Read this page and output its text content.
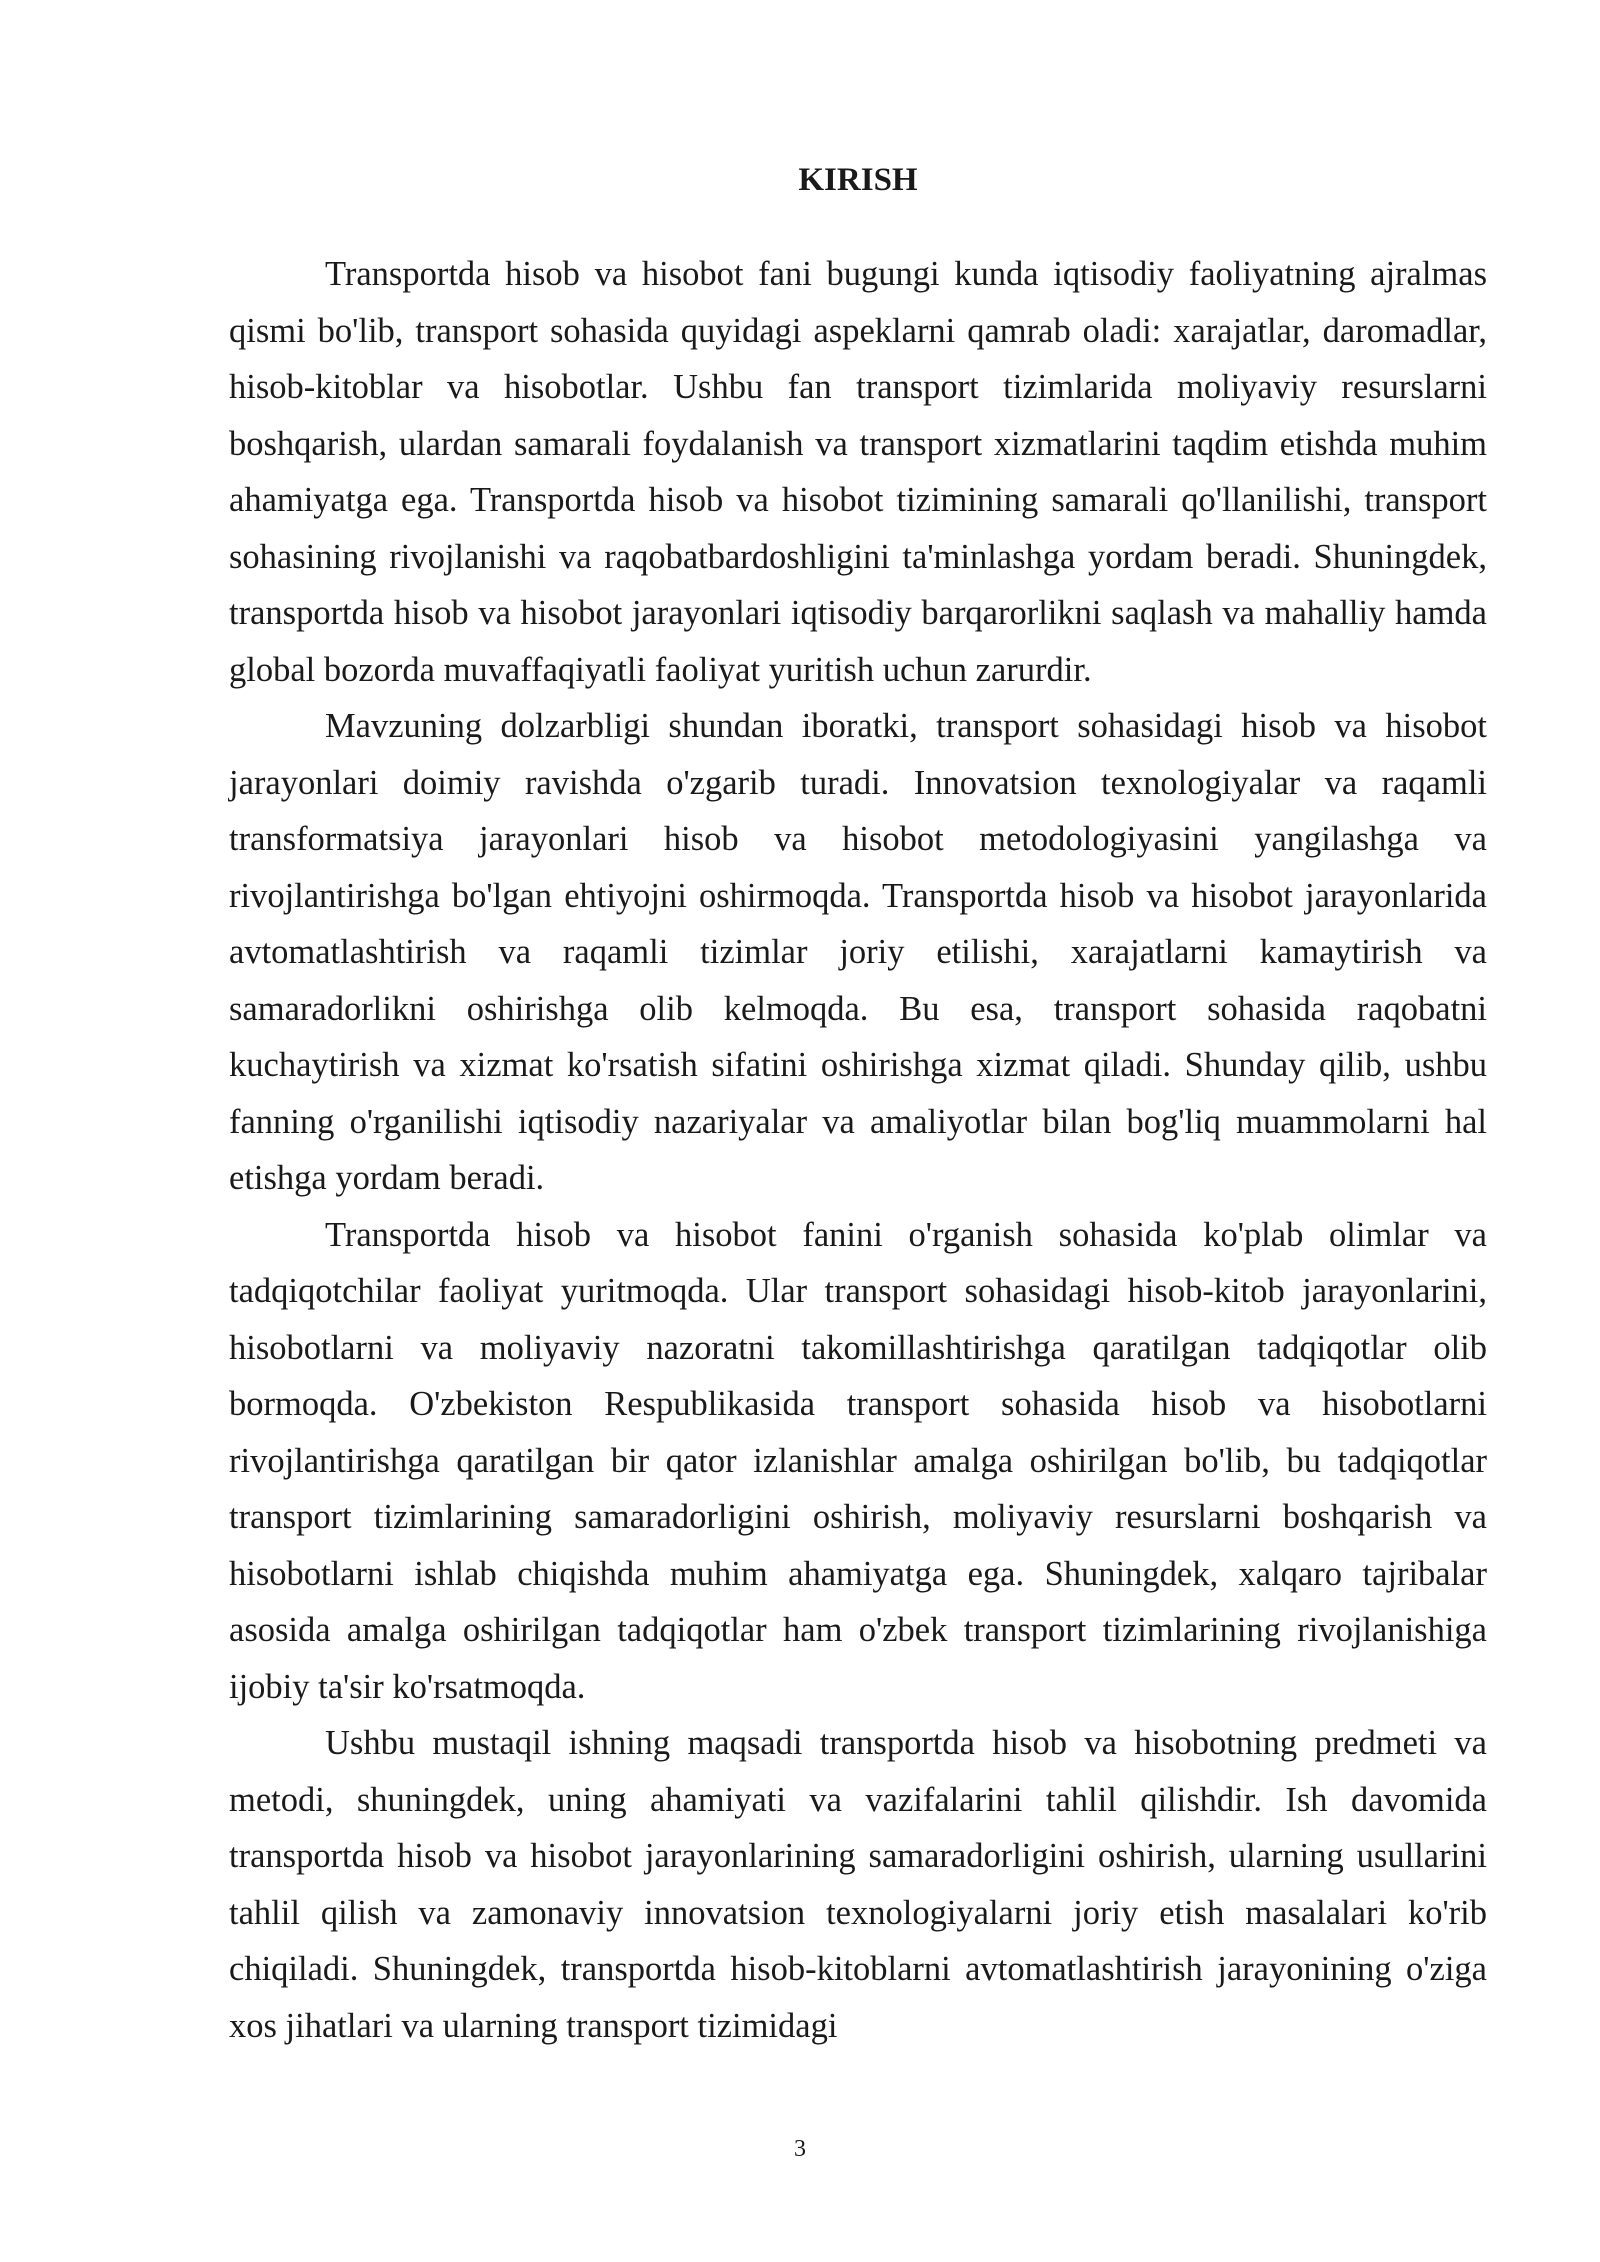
KIRISH

Transportda hisob va hisobot fani bugungi kunda iqtisodiy faoliyatning ajralmas qismi bo'lib, transport sohasida quyidagi aspeklarni qamrab oladi: xarajatlar, daromadlar, hisob-kitoblar va hisobotlar. Ushbu fan transport tizimlarida moliyaviy resurslarni boshqarish, ulardan samarali foydalanish va transport xizmatlarini taqdim etishda muhim ahamiyatga ega. Transportda hisob va hisobot tizimining samarali qo'llanilishi, transport sohasining rivojlanishi va raqobatbardoshligini ta'minlashga yordam beradi. Shuningdek, transportda hisob va hisobot jarayonlari iqtisodiy barqarorlikni saqlash va mahalliy hamda global bozorda muvaffaqiyatli faoliyat yuritish uchun zarurdir.

Mavzuning dolzarbligi shundan iboratki, transport sohasidagi hisob va hisobot jarayonlari doimiy ravishda o'zgarib turadi. Innovatsion texnologiyalar va raqamli transformatsiya jarayonlari hisob va hisobot metodologiyasini yangilashga va rivojlantirishga bo'lgan ehtiyojni oshirmoqda. Transportda hisob va hisobot jarayonlarida avtomatlashtirish va raqamli tizimlar joriy etilishi, xarajatlarni kamaytirish va samaradorlikni oshirishga olib kelmoqda. Bu esa, transport sohasida raqobatni kuchaytirish va xizmat ko'rsatish sifatini oshirishga xizmat qiladi. Shunday qilib, ushbu fanning o'rganilishi iqtisodiy nazariyalar va amaliyotlar bilan bog'liq muammolarni hal etishga yordam beradi.

Transportda hisob va hisobot fanini o'rganish sohasida ko'plab olimlar va tadqiqotchilar faoliyat yuritmoqda. Ular transport sohasidagi hisob-kitob jarayonlarini, hisobotlarni va moliyaviy nazoratni takomillashtirishga qaratilgan tadqiqotlar olib bormoqda. O'zbekiston Respublikasida transport sohasida hisob va hisobotlarni rivojlantirishga qaratilgan bir qator izlanishlar amalga oshirilgan bo'lib, bu tadqiqotlar transport tizimlarining samaradorligini oshirish, moliyaviy resurslarni boshqarish va hisobotlarni ishlab chiqishda muhim ahamiyatga ega. Shuningdek, xalqaro tajribalar asosida amalga oshirilgan tadqiqotlar ham o'zbek transport tizimlarining rivojlanishiga ijobiy ta'sir ko'rsatmoqda.

Ushbu mustaqil ishning maqsadi transportda hisob va hisobotning predmeti va metodi, shuningdek, uning ahamiyati va vazifalarini tahlil qilishdir. Ish davomida transportda hisob va hisobot jarayonlarining samaradorligini oshirish, ularning usullarini tahlil qilish va zamonaviy innovatsion texnologiyalarni joriy etish masalalari ko'rib chiqiladi. Shuningdek, transportda hisob-kitoblarni avtomatlashtirish jarayonining o'ziga xos jihatlari va ularning transport tizimidagi

3
